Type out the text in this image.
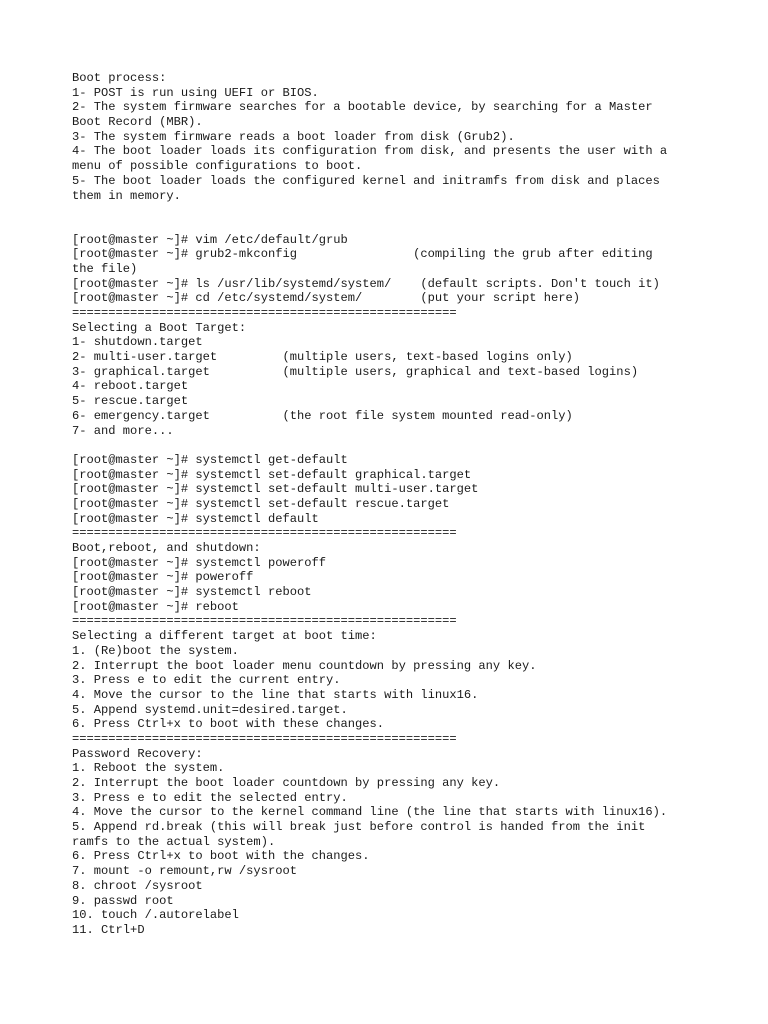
Boot process:
1- POST is run using UEFI or BIOS.
2- The system firmware searches for a bootable device, by searching for a Master
Boot Record (MBR).
3- The system firmware reads a boot loader from disk (Grub2).
4- The boot loader loads its configuration from disk, and presents the user with a
menu of possible configurations to boot.
5- The boot loader loads the configured kernel and initramfs from disk and places
them in memory.
[root@master ~]# vim /etc/default/grub
[root@master ~]# grub2-mkconfig                (compiling the grub after editing
the file)
[root@master ~]# ls /usr/lib/systemd/system/    (default scripts. Don't touch it)
[root@master ~]# cd /etc/systemd/system/        (put your script here)
=====================================================
Selecting a Boot Target:
1- shutdown.target
2- multi-user.target         (multiple users, text-based logins only)
3- graphical.target          (multiple users, graphical and text-based logins)
4- reboot.target
5- rescue.target
6- emergency.target          (the root file system mounted read-only)
7- and more...
[root@master ~]# systemctl get-default
[root@master ~]# systemctl set-default graphical.target
[root@master ~]# systemctl set-default multi-user.target
[root@master ~]# systemctl set-default rescue.target
[root@master ~]# systemctl default
=====================================================
Boot,reboot, and shutdown:
[root@master ~]# systemctl poweroff
[root@master ~]# poweroff
[root@master ~]# systemctl reboot
[root@master ~]# reboot
=====================================================
Selecting a different target at boot time:
1. (Re)boot the system.
2. Interrupt the boot loader menu countdown by pressing any key.
3. Press e to edit the current entry.
4. Move the cursor to the line that starts with linux16.
5. Append systemd.unit=desired.target.
6. Press Ctrl+x to boot with these changes.
=====================================================
Password Recovery:
1. Reboot the system.
2. Interrupt the boot loader countdown by pressing any key.
3. Press e to edit the selected entry.
4. Move the cursor to the kernel command line (the line that starts with linux16).
5. Append rd.break (this will break just before control is handed from the init
ramfs to the actual system).
6. Press Ctrl+x to boot with the changes.
7. mount -o remount,rw /sysroot
8. chroot /sysroot
9. passwd root
10. touch /.autorelabel
11. Ctrl+D
